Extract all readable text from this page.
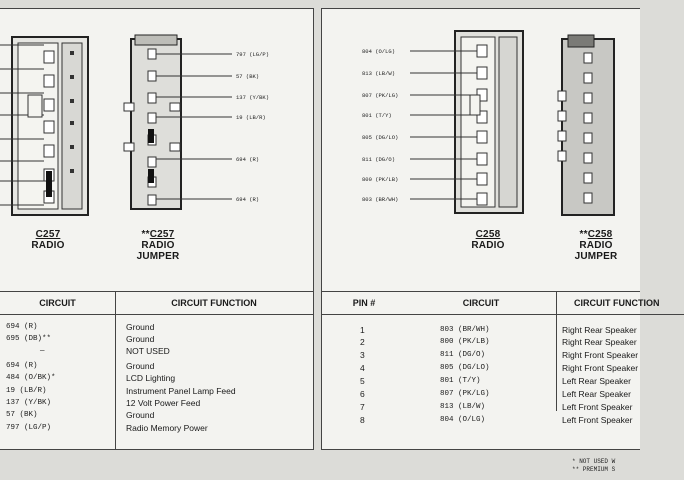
797 (LG/P)
57 (BK)
137 (Y/BK)
19 (LB/R)
694 (R)
694 (R)
C257
RADIO
**C257
RADIO
JUMPER
CIRCUIT	CIRCUIT FUNCTION
694 (R)	Ground
695 (DB)**	Ground
—	NOT USED
694 (R)	Ground
484 (O/BK)*	LCD Lighting
19 (LB/R)	Instrument Panel Lamp Feed
137 (Y/BK)	12 Volt Power Feed
57 (BK)	Ground
797 (LG/P)	Radio Memory Power
804 (O/LG)
813 (LB/W)
807 (PK/LG)
801 (T/Y)
805 (DG/LO)
811 (DG/O)
800 (PK/LB)
803 (BR/WH)
C258
RADIO
**C258
RADIO
JUMPER
PIN #	CIRCUIT	CIRCUIT FUNCTION
1	803 (BR/WH)	Right Rear Speaker
2	800 (PK/LB)	Right Rear Speaker
3	811 (DG/O)	Right Front Speaker
4	805 (DG/LO)	Right Front Speaker
5	801 (T/Y)	Left Rear Speaker
6	807 (PK/LG)	Left Rear Speaker
7	813 (LB/W)	Left Front Speaker
8	804 (O/LG)	Left Front Speaker
* NOT USED W
** PREMIUM S
